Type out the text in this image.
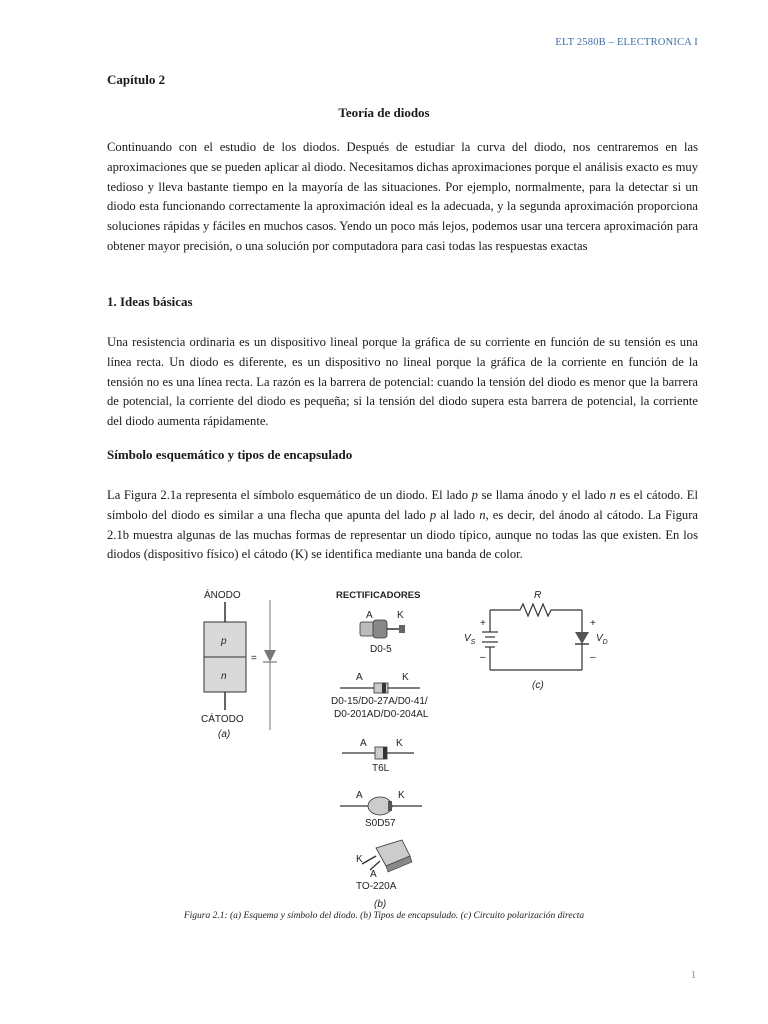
ELT 2580B – ELECTRONICA I
Capítulo 2
Teoría de diodos

Continuando con el estudio de los diodos. Después de estudiar la curva del diodo, nos centraremos en las aproximaciones que se pueden aplicar al diodo. Necesitamos dichas aproximaciones porque el análisis exacto es muy tedioso y lleva bastante tiempo en la mayoría de las situaciones. Por ejemplo, normalmente, para la detectar si un diodo esta funcionando correctamente la aproximación ideal es la adecuada, y la segunda aproximación proporciona soluciones rápidas y fáciles en muchos casos. Yendo un poco más lejos, podemos usar una tercera aproximación para obtener mayor precisión, o una solución por computadora para casi todas las respuestas exactas

1. Ideas básicas

Una resistencia ordinaria es un dispositivo lineal porque la gráfica de su corriente en función de su tensión es una línea recta. Un diodo es diferente, es un dispositivo no lineal porque la gráfica de la corriente en función de la tensión no es una línea recta. La razón es la barrera de potencial: cuando la tensión del diodo es menor que la barrera de potencial, la corriente del diodo es pequeña; si la tensión del diodo supera esta barrera de potencial, la corriente del diodo aumenta rápidamente.

Símbolo esquemático y tipos de encapsulado

La Figura 2.1a representa el símbolo esquemático de un diodo. El lado p se llama ánodo y el lado n es el cátodo. El símbolo del diodo es similar a una flecha que apunta del lado p al lado n, es decir, del ánodo al cátodo. La Figura 2.1b muestra algunas de las muchas formas de representar un diodo típico, aunque no todas las que existen. En los diodos (dispositivo físico) el cátodo (K) se identifica mediante una banda de color.

ÁNODO
p
n
CÁTODO
(a)
=
RECTIFICADORES
A K
D0-5
A	K
D0-15/D0-27A/D0-41/
D0-201AD/D0-204AL
A	K
T6L
A	K
S0D57
K
A
TO-220A
(b)
R
+
–
$V_S$
+
–
$V_D$
(c)
Figura 2.1: (a) Esquema y símbolo del diodo. (b) Tipos de encapsulado. (c) Circuito polarización directa
1
